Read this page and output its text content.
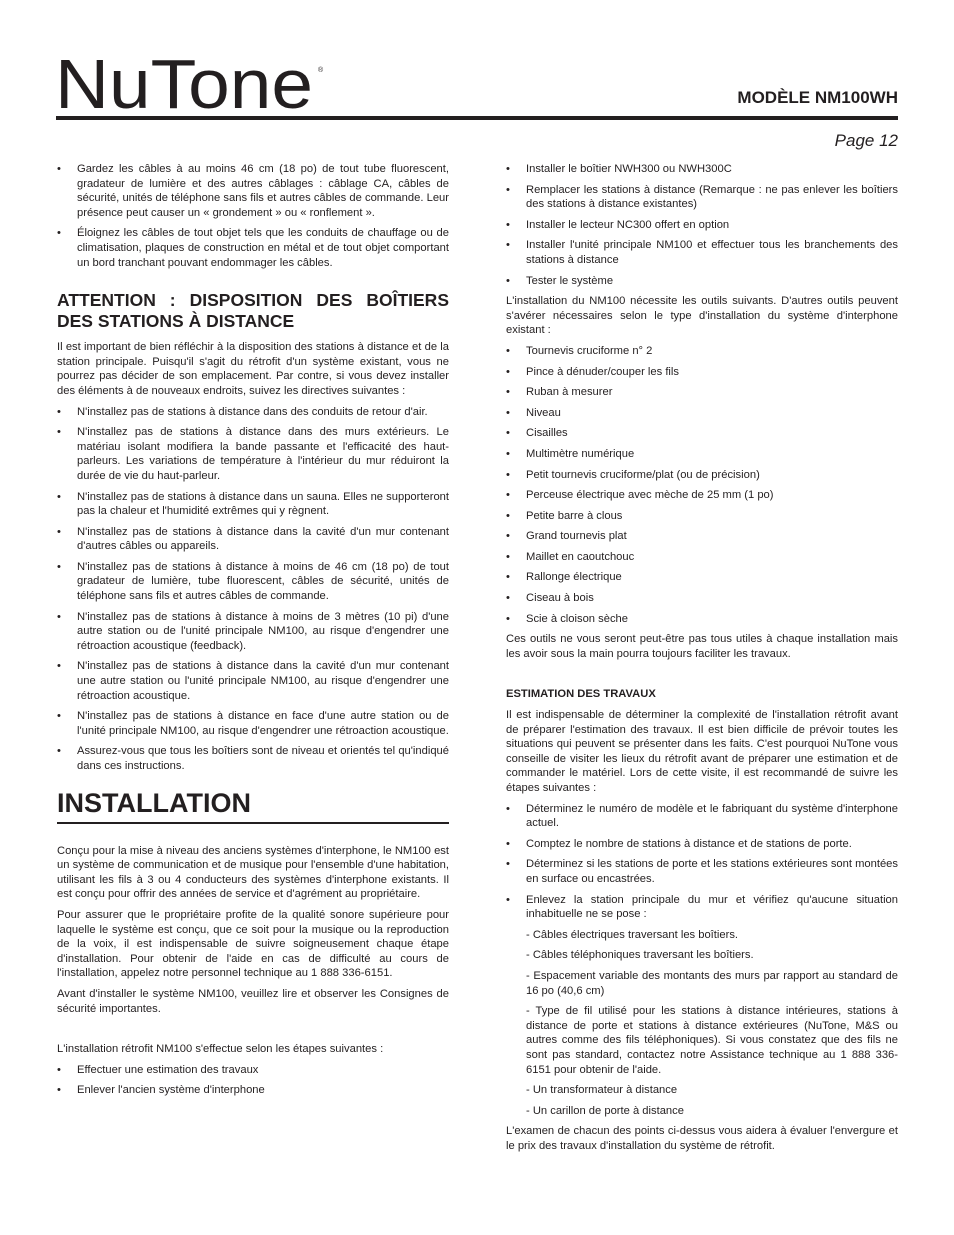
NuTone ®
MODÈLE NM100WH
Page 12
• Gardez les câbles à au moins 46 cm (18 po) de tout tube fluorescent, gradateur de lumière et des autres câblages : câblage CA, câbles de sécurité, unités de téléphone sans fils et autres câbles de commande. Leur présence peut causer un « grondement » ou « ronflement ».
• Éloignez les câbles de tout objet tels que les conduits de chauffage ou de climatisation, plaques de construction en métal et de tout objet comportant un bord tranchant pouvant endommager les câbles.
ATTENTION : DISPOSITION DES BOÎTIERS DES STATIONS À DISTANCE

Il est important de bien réfléchir à la disposition des stations à distance et de la station principale. Puisqu'il s'agit du rétrofit d'un système existant, vous ne pourrez pas décider de son emplacement. Par contre, si vous devez installer des éléments à de nouveaux endroits, suivez les directives suivantes :

• N'installez pas de stations à distance dans des conduits de retour d'air.
• N'installez pas de stations à distance dans des murs extérieurs. Le matériau isolant modifiera la bande passante et l'efficacité des haut-parleurs. Les variations de température à l'intérieur du mur réduiront la durée de vie du haut-parleur.
• N'installez pas de stations à distance dans un sauna. Elles ne supporteront pas la chaleur et l'humidité extrêmes qui y règnent.
• N'installez pas de stations à distance dans la cavité d'un mur contenant d'autres câbles ou appareils.
• N'installez pas de stations à distance à moins de 46 cm (18 po) de tout gradateur de lumière, tube fluorescent, câbles de sécurité, unités de téléphone sans fils et autres câbles de commande.
• N'installez pas de stations à distance à moins de 3 mètres (10 pi) d'une autre station ou de l'unité principale NM100, au risque d'engendrer une rétroaction acoustique (feedback).
• N'installez pas de stations à distance dans la cavité d'un mur contenant une autre station ou l'unité principale NM100, au risque d'engendrer une rétroaction acoustique.
• N'installez pas de stations à distance en face d'une autre station ou de l'unité principale NM100, au risque d'engendrer une rétroaction acoustique.
• Assurez-vous que tous les boîtiers sont de niveau et orientés tel qu'indiqué dans ces instructions.
INSTALLATION

Conçu pour la mise à niveau des anciens systèmes d'interphone, le NM100 est un système de communication et de musique pour l'ensemble d'une habitation, utilisant les fils à 3 ou 4 conducteurs des systèmes d'interphone existants. Il est conçu pour offrir des années de service et d'agrément au propriétaire.

Pour assurer que le propriétaire profite de la qualité sonore supérieure pour laquelle le système est conçu, que ce soit pour la musique ou la reproduction de la voix, il est indispensable de suivre soigneusement chaque étape d'installation. Pour obtenir de l'aide en cas de difficulté au cours de l'installation, appelez notre personnel technique au 1 888 336-6151.

Avant d'installer le système NM100, veuillez lire et observer les Consignes de sécurité importantes.

L'installation rétrofit NM100 s'effectue selon les étapes suivantes :

• Effectuer une estimation des travaux
• Enlever l'ancien système d'interphone
• Installer le boîtier NWH300 ou NWH300C
• Remplacer les stations à distance (Remarque : ne pas enlever les boîtiers des stations à distance existantes)
• Installer le lecteur NC300 offert en option
• Installer l'unité principale NM100 et effectuer tous les branchements des stations à distance
• Tester le système

L'installation du NM100 nécessite les outils suivants. D'autres outils peuvent s'avérer nécessaires selon le type d'installation du système d'interphone existant :

• Tournevis cruciforme n° 2
• Pince à dénuder/couper les fils
• Ruban à mesurer
• Niveau
• Cisailles
• Multimètre numérique
• Petit tournevis cruciforme/plat (ou de précision)
• Perceuse électrique avec mèche de 25 mm (1 po)
• Petite barre à clous
• Grand tournevis plat
• Maillet en caoutchouc
• Rallonge électrique
• Ciseau à bois
• Scie à cloison sèche

Ces outils ne vous seront peut-être pas tous utiles à chaque installation mais les avoir sous la main pourra toujours faciliter les travaux.

ESTIMATION DES TRAVAUX

Il est indispensable de déterminer la complexité de l'installation rétrofit avant de préparer l'estimation des travaux. Il est bien difficile de prévoir toutes les situations qui peuvent se présenter dans les faits. C'est pourquoi NuTone vous conseille de visiter les lieux du rétrofit avant de préparer une estimation et de commander le matériel. Lors de cette visite, il est recommandé de suivre les étapes suivantes :

• Déterminez le numéro de modèle et le fabriquant du système d'interphone actuel.
• Comptez le nombre de stations à distance et de stations de porte.
• Déterminez si les stations de porte et les stations extérieures sont montées en surface ou encastrées.
• Enlevez la station principale du mur et vérifiez qu'aucune situation inhabituelle ne se pose :
- Câbles électriques traversant les boîtiers.
- Câbles téléphoniques traversant les boîtiers.
- Espacement variable des montants des murs par rapport au standard de 16 po (40,6 cm)
- Type de fil utilisé pour les stations à distance intérieures, stations à distance de porte et stations à distance extérieures (NuTone, M&S ou autres comme des fils téléphoniques). Si vous constatez que des fils ne sont pas standard, contactez notre Assistance technique au 1 888 336-6151 pour obtenir de l'aide.
- Un transformateur à distance
- Un carillon de porte à distance

L'examen de chacun des points ci-dessus vous aidera à évaluer l'envergure et le prix des travaux d'installation du système de rétrofit.
